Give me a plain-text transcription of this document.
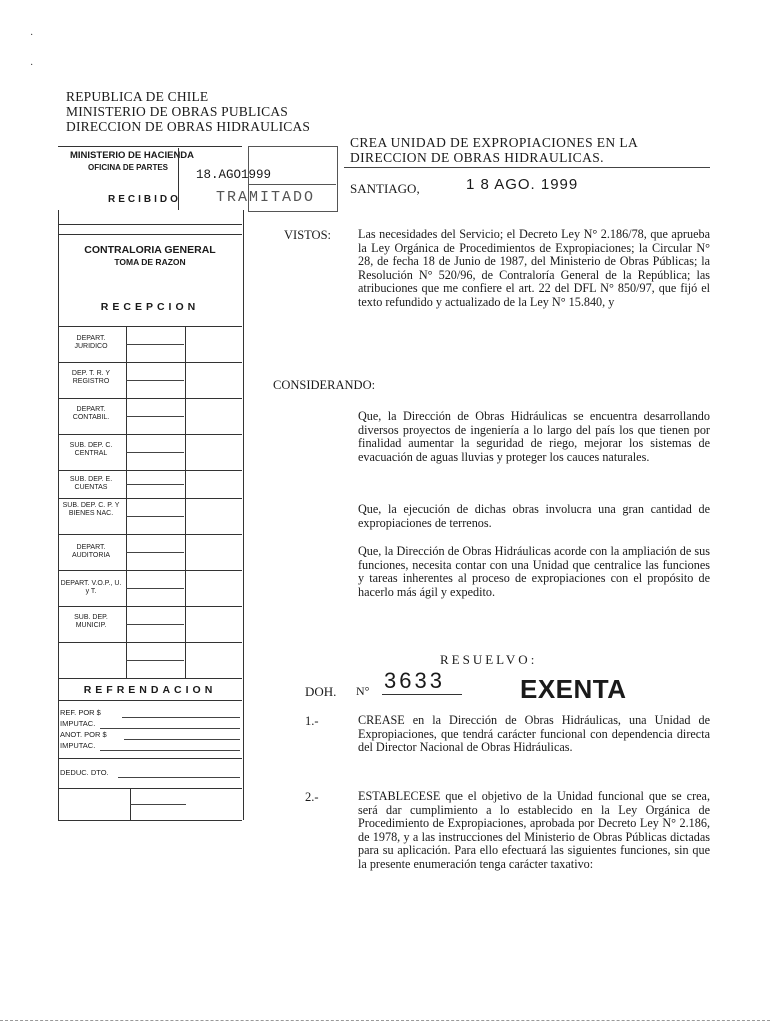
REPUBLICA DE CHILE
MINISTERIO DE OBRAS PUBLICAS
DIRECCION DE OBRAS HIDRAULICAS
MINISTERIO DE HACIENDA
OFICINA DE PARTES
18.AGO1999
RECIBIDO TRAMITADO
CONTRALORIA GENERAL
TOMA DE RAZON
RECEPCION
DEPART. JURIDICO
DEP. T. R. Y REGISTRO
DEPART. CONTABIL.
SUB. DEP. C. CENTRAL
SUB. DEP. E. CUENTAS
SUB. DEP. C. P. Y BIENES NAC.
DEPART. AUDITORIA
DEPART. V.O.P., U. y T.
SUB. DEP. MUNICIP.
REFRENDACION
REF. POR $
IMPUTAC.
ANOT. POR $
IMPUTAC.
DEDUC. DTO.
CREA UNIDAD DE EXPROPIACIONES EN LA
DIRECCION DE OBRAS HIDRAULICAS.
SANTIAGO,	1 8 AGO. 1999
VISTOS: Las necesidades del Servicio; el Decreto Ley N° 2.186/78, que aprueba la Ley Orgánica de Procedimientos de Expropiaciones; la Circular N° 28, de fecha 18 de Junio de 1987, del Ministerio de Obras Públicas; la Resolución N° 520/96, de Contraloría General de la República; las atribuciones que me confiere el art. 22 del DFL N° 850/97, que fijó el texto refundido y actualizado de la Ley N° 15.840, y
CONSIDERANDO:
Que, la Dirección de Obras Hidráulicas se encuentra desarrollando diversos proyectos de ingeniería a lo largo del país los que tienen por finalidad aumentar la seguridad de riego, mejorar los sistemas de evacuación de aguas lluvias y proteger los cauces naturales.
Que, la ejecución de dichas obras involucra una gran cantidad de expropiaciones de terrenos.
Que, la Dirección de Obras Hidráulicas acorde con la ampliación de sus funciones, necesita contar con una Unidad que centralice las funciones y tareas inherentes al proceso de expropiaciones con el propósito de hacerlo más ágil y expedito.
RESUELVO:
DOH. N° 3633	EXENTA
1.-	CREASE en la Dirección de Obras Hidráulicas, una Unidad de Expropiaciones, que tendrá carácter funcional con dependencia directa del Director Nacional de Obras Hidráulicas.
2.-	ESTABLECESE que el objetivo de la Unidad funcional que se crea, será dar cumplimiento a lo establecido en la Ley Orgánica de Procedimiento de Expropiaciones, aprobada por Decreto Ley N° 2.186, de 1978, y a las instrucciones del Ministerio de Obras Públicas dictadas para su aplicación. Para ello efectuará las siguientes funciones, sin que la presente enumeración tenga carácter taxativo:
·
·
